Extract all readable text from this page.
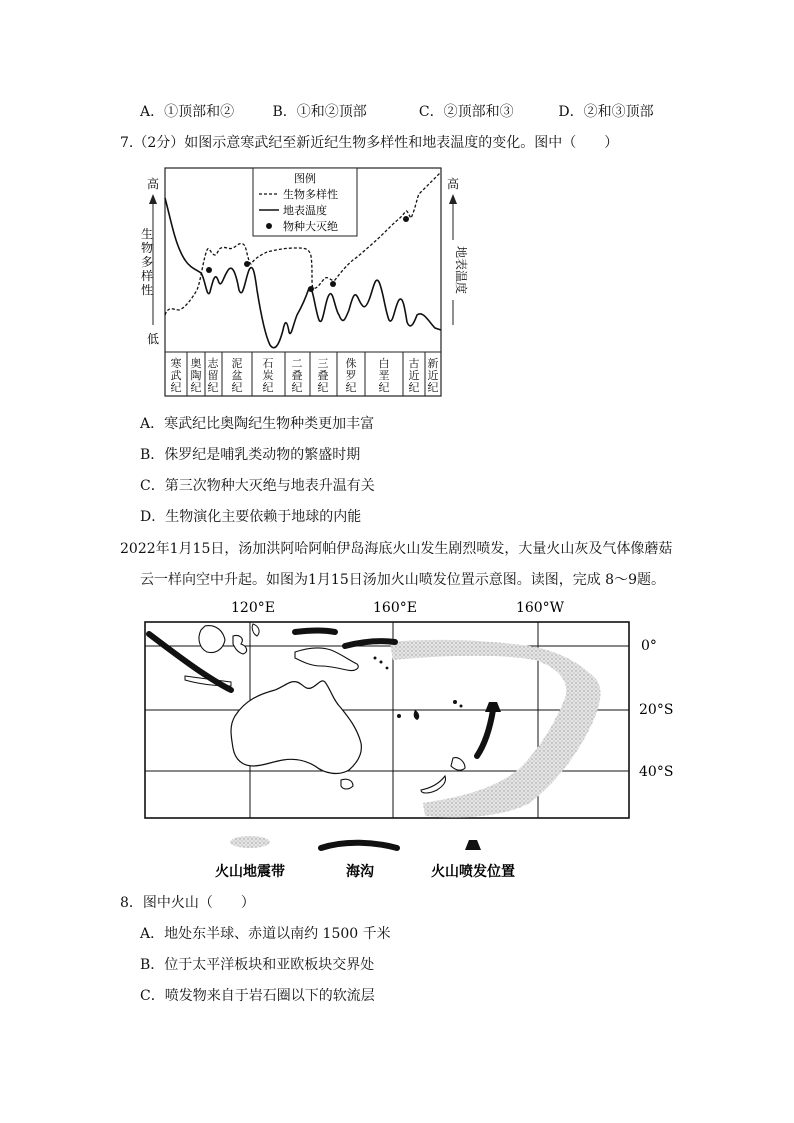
A．①顶部和②	B．①和②顶部	C．②顶部和③	D．②和③顶部
7.（2分）如图示意寒武纪至新近纪生物多样性和地表温度的变化。图中（　　）
寒武纪
奥陶纪
志留纪
泥盆纪
石炭纪
二叠纪
三叠纪
侏罗纪
白垩纪
古近纪
新近纪
高
生物多样性
低
高
地表温度
图例
生物多样性
地表温度
物种大灭绝
A．寒武纪比奥陶纪生物种类更加丰富
B．侏罗纪是哺乳类动物的繁盛时期
C．第三次物种大灭绝与地表升温有关
D．生物演化主要依赖于地球的内能
2022年1月15日，汤加洪阿哈阿帕伊岛海底火山发生剧烈喷发，大量火山灰及气体像蘑菇
云一样向空中升起。如图为1月15日汤加火山喷发位置示意图。读图，完成 8～9题。
120°E	160°E	160°W
0°
20°S
40°S
火山地震带	海沟	火山喷发位置
8．图中火山（　　）
A．地处东半球、赤道以南约 1500 千米
B．位于太平洋板块和亚欧板块交界处
C．喷发物来自于岩石圈以下的软流层
